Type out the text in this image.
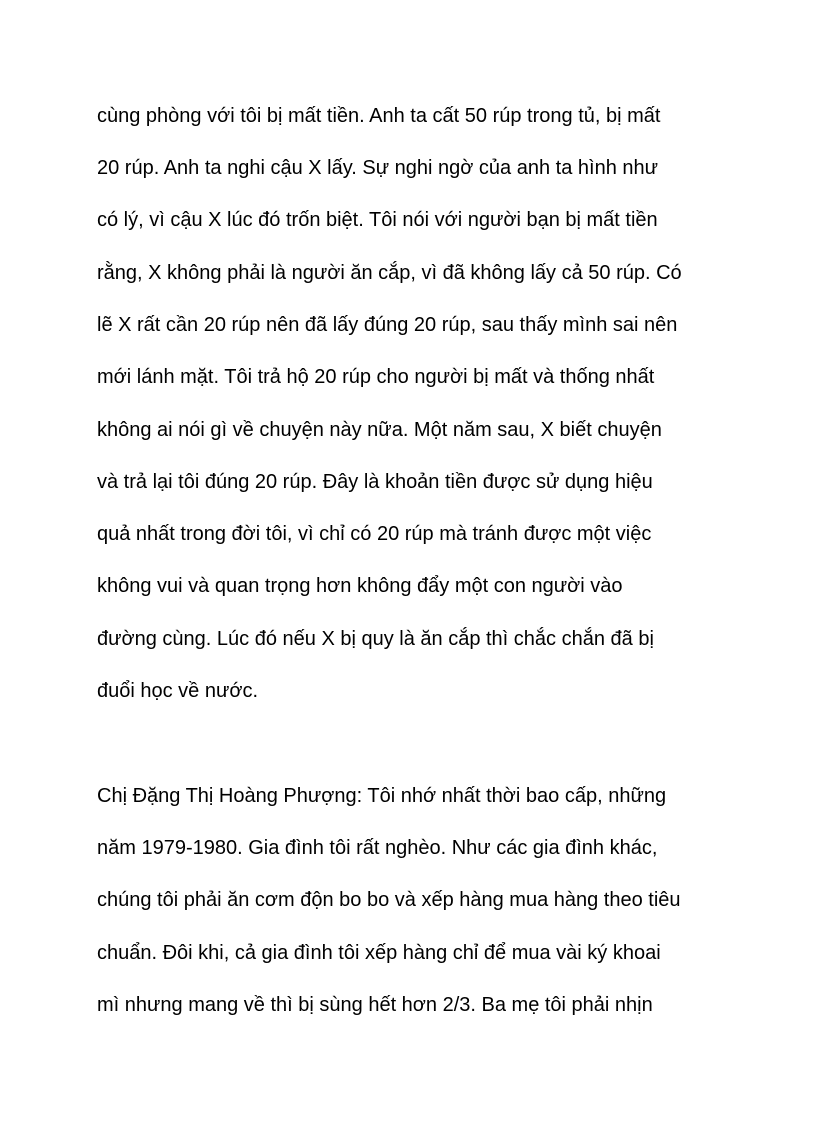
cùng phòng với tôi bị mất tiền. Anh ta cất 50 rúp trong tủ, bị mất
20 rúp. Anh ta nghi cậu X lấy. Sự nghi ngờ của anh ta hình như
có lý, vì cậu X lúc đó trốn biệt. Tôi nói với người bạn bị mất tiền
rằng, X không phải là người ăn cắp, vì đã không lấy cả 50 rúp. Có
lẽ X rất cần 20 rúp nên đã lấy đúng 20 rúp, sau thấy mình sai nên
mới lánh mặt. Tôi trả hộ 20 rúp cho người bị mất và thống nhất
không ai nói gì về chuyện này nữa. Một năm sau, X biết chuyện
và trả lại tôi đúng 20 rúp. Đây là khoản tiền được sử dụng hiệu
quả nhất trong đời tôi, vì chỉ có 20 rúp mà tránh được một việc
không vui và quan trọng hơn không đẩy một con người vào
đường cùng. Lúc đó nếu X bị quy là ăn cắp thì chắc chắn đã bị
đuổi học về nước.
Chị Đặng Thị Hoàng Phượng: Tôi nhớ nhất thời bao cấp, những
năm 1979-1980. Gia đình tôi rất nghèo. Như các gia đình khác,
chúng tôi phải ăn cơm độn bo bo và xếp hàng mua hàng theo tiêu
chuẩn. Đôi khi, cả gia đình tôi xếp hàng chỉ để mua vài ký khoai
mì nhưng mang về thì bị sùng hết hơn 2/3. Ba mẹ tôi phải nhịn
